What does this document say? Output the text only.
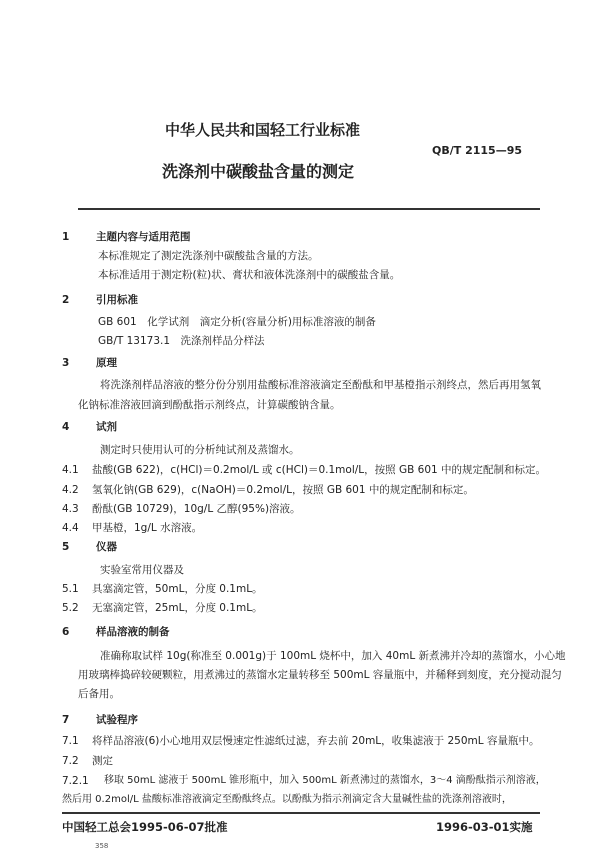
中华人民共和国轻工行业标准
QB/T 2115—95
洗涤剂中碳酸盐含量的测定
1	主题内容与适用范围
本标准规定了测定洗涤剂中碳酸盐含量的方法。
本标准适用于测定粉(粒)状、膏状和液体洗涤剂中的碳酸盐含量。
2	引用标准
GB 601　化学试剂　滴定分析(容量分析)用标准溶液的制备
GB/T 13173.1　洗涤剂样品分样法
3	原理
将洗涤剂样品溶液的整分份分别用盐酸标准溶液滴定至酚酞和甲基橙指示剂终点，然后再用氢氧
化钠标准溶液回滴到酚酞指示剂终点，计算碳酸钠含量。
4	试剂
测定时只使用认可的分析纯试剂及蒸馏水。
4.1 盐酸(GB 622)，c(HCl)＝0.2mol/L 或 c(HCl)＝0.1mol/L，按照 GB 601 中的规定配制和标定。
4.2 氢氧化钠(GB 629)，c(NaOH)＝0.2mol/L，按照 GB 601 中的规定配制和标定。
4.3 酚酞(GB 10729)，10g/L 乙醇(95%)溶液。
4.4 甲基橙，1g/L 水溶液。
5	仪器
实验室常用仪器及
5.1 具塞滴定管，50mL，分度 0.1mL。
5.2 无塞滴定管，25mL，分度 0.1mL。
6	样品溶液的制备
准确称取试样 10g(称准至 0.001g)于 100mL 烧杯中，加入 40mL 新煮沸并冷却的蒸馏水，小心地
用玻璃棒捣碎较硬颗粒，用煮沸过的蒸馏水定量转移至 500mL 容量瓶中，并稀释到刻度，充分搅动混匀
后备用。
7	试验程序
7.1 将样品溶液(6)小心地用双层慢速定性滤纸过滤，弃去前 20mL，收集滤液于 250mL 容量瓶中。
7.2 测定
7.2.1 移取 50mL 滤液于 500mL 锥形瓶中，加入 500mL 新煮沸过的蒸馏水，3～4 滴酚酞指示剂溶液，
然后用 0.2mol/L 盐酸标准溶液滴定至酚酞终点。以酚酞为指示剂滴定含大量碱性盐的洗涤剂溶液时，
中国轻工总会1995-06-07批准	1996-03-01实施
358
